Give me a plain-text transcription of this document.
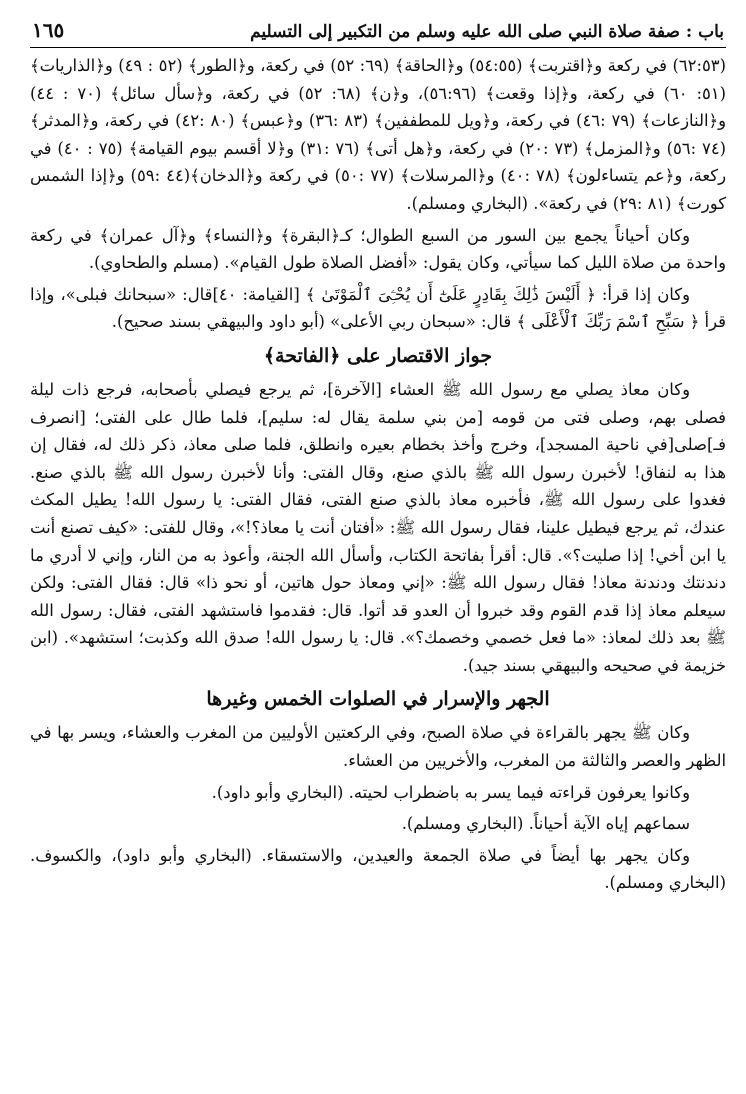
باب : صفة صلاة النبي صلى الله عليه وسلم من التكبير إلى التسليم
١٦٥

(٦٢:٥٣) في ركعة و﴿اقتربت﴾ (٥٤:٥٥) و﴿الحاقة﴾ (٦٩: ٥٢) في ركعة، و﴿الطور﴾ (٥٢ : ٤٩) و﴿الذاريات﴾ (٥١: ٦٠) في ركعة، و﴿إذا وقعت﴾ (٥٦:٩٦)، و﴿ن﴾ (٦٨: ٥٢) في ركعة، و﴿سأل سائل﴾ (٧٠ : ٤٤) و﴿النازعات﴾ (٧٩ :٤٦) في ركعة، و﴿ويل للمطففين﴾ (٨٣ :٣٦) و﴿عبس﴾ (٨٠ :٤٢) في ركعة، و﴿المدثر﴾ (٧٤ :٥٦) و﴿المزمل﴾ (٧٣ :٢٠) في ركعة، و﴿هل أتى﴾ (٧٦ :٣١) و﴿لا أقسم بيوم القيامة﴾ (٧٥ : ٤٠) في ركعة، و﴿عم يتساءلون﴾ (٧٨ :٤٠) و﴿المرسلات﴾ (٧٧ :٥٠) في ركعة و﴿الدخان﴾(٤٤ :٥٩) و﴿إذا الشمس كورت﴾ (٨١ :٢٩) في ركعة». (البخاري ومسلم).

وكان أحياناً يجمع بين السور من السبع الطوال؛ كـ﴿البقرة﴾ و﴿النساء﴾ و﴿آل عمران﴾ في ركعة واحدة من صلاة الليل كما سيأتي، وكان يقول: «أفضل الصلاة طول القيام». (مسلم والطحاوي).

وكان إذا قرأ: ﴿ أَلَيْسَ ذَٰلِكَ بِقَادِرٍ عَلَىٰٓ أَن يُحْـِۧىَ ٱلْمَوْتَىٰ ﴾ [القيامة: ٤٠]قال: «سبحانك فبلى»، وإذا قرأ ﴿ سَبِّحِ ٱسْمَ رَبِّكَ ٱلْأَعْلَى ﴾ قال: «سبحان ربي الأعلى» (أبو داود والبيهقي بسند صحيح).

جواز الاقتصار على ﴿الفاتحة﴾

وكان معاذ يصلي مع رسول الله ﷺ العشاء [الآخرة]، ثم يرجع فيصلي بأصحابه، فرجع ذات ليلة فصلى بهم، وصلى فتى من قومه [من بني سلمة يقال له: سليم]، فلما طال على الفتى؛ [انصرف فـ]صلى[في ناحية المسجد]، وخرج وأخذ بخطام بعيره وانطلق، فلما صلى معاذ، ذكر ذلك له، فقال إن هذا به لنفاق! لأخبرن رسول الله ﷺ بالذي صنع، وقال الفتى: وأنا لأخبرن رسول الله ﷺ بالذي صنع. فغدوا على رسول الله ﷺ، فأخبره معاذ بالذي صنع الفتى، فقال الفتى: يا رسول الله! يطيل المكث عندك، ثم يرجع فيطيل علينا، فقال رسول الله ﷺ: «أفتان أنت يا معاذ؟!»، وقال للفتى: «كيف تصنع أنت يا ابن أخي! إذا صليت؟». قال: أقرأ بفاتحة الكتاب، وأسأل الله الجنة، وأعوذ به من النار، وإني لا أدري ما دندنتك ودندنة معاذ! فقال رسول الله ﷺ: «إني ومعاذ حول هاتين، أو نحو ذا» قال: فقال الفتى: ولكن سيعلم معاذ إذا قدم القوم وقد خبروا أن العدو قد أتوا. قال: فقدموا فاستشهد الفتى، فقال: رسول الله ﷺ بعد ذلك لمعاذ: «ما فعل خصمي وخصمك؟». قال: يا رسول الله! صدق الله وكذبت؛ استشهد». (ابن خزيمة في صحيحه والبيهقي بسند جيد).

الجهر والإسرار في الصلوات الخمس وغيرها

وكان ﷺ يجهر بالقراءة في صلاة الصبح، وفي الركعتين الأوليين من المغرب والعشاء، ويسر بها في الظهر والعصر والثالثة من المغرب، والأخريين من العشاء.

وكانوا يعرفون قراءته فيما يسر به باضطراب لحيته. (البخاري وأبو داود).

سماعهم إياه الآية أحياناً. (البخاري ومسلم).

وكان يجهر بها أيضاً في صلاة الجمعة والعيدين، والاستسقاء. (البخاري وأبو داود)، والكسوف. (البخاري ومسلم).
